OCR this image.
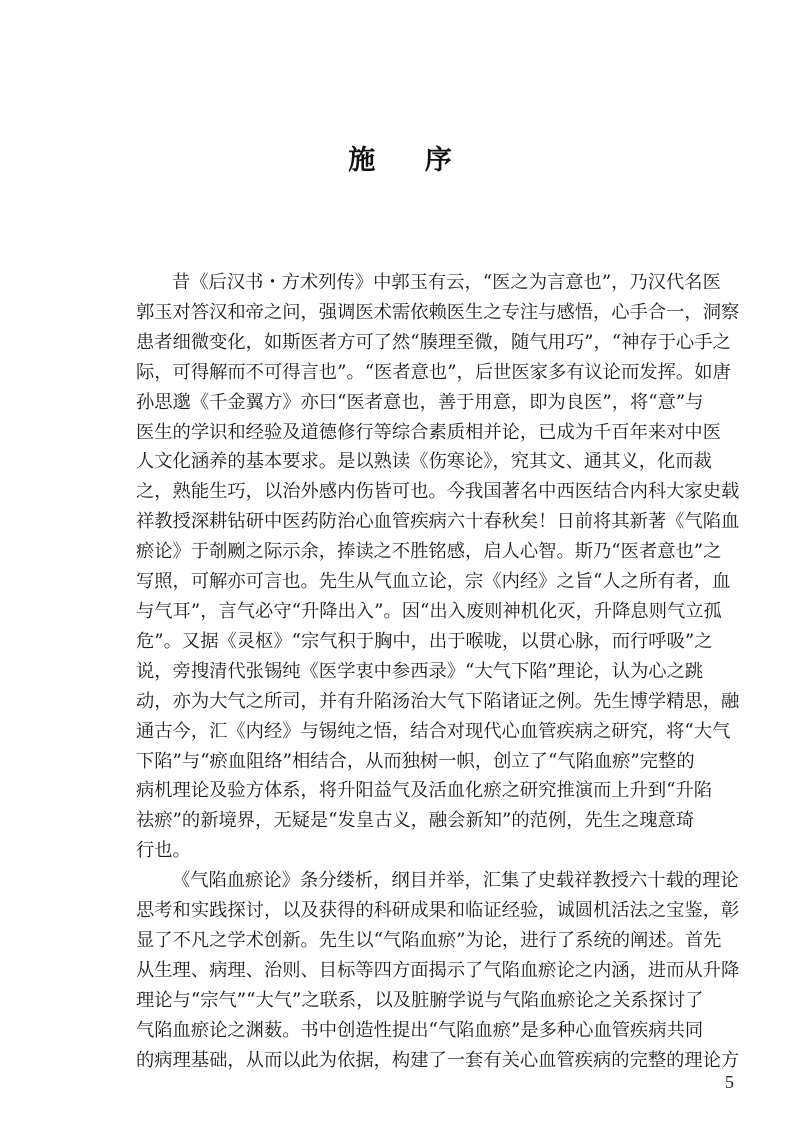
施 序

昔《后汉书・方术列传》中郭玉有云，“医之为言意也”，乃汉代名医
郭玉对答汉和帝之问，强调医术需依赖医生之专注与感悟，心手合一，洞察
患者细微变化，如斯医者方可了然“腠理至微，随气用巧”，“神存于心手之
际，可得解而不可得言也”。“医者意也”，后世医家多有议论而发挥。如唐
孙思邈《千金翼方》亦曰“医者意也，善于用意，即为良医”，将“意”与
医生的学识和经验及道德修行等综合素质相并论，已成为千百年来对中医
人文化涵养的基本要求。是以熟读《伤寒论》，究其文、通其义，化而裁
之，熟能生巧，以治外感内伤皆可也。今我国著名中西医结合内科大家史载
祥教授深耕钻研中医药防治心血管疾病六十春秋矣！日前将其新著《气陷血
瘀论》于剞劂之际示余，捧读之不胜铭感，启人心智。斯乃“医者意也”之
写照，可解亦可言也。先生从气血立论，宗《内经》之旨“人之所有者，血
与气耳”，言气必守“升降出入”。因“出入废则神机化灭，升降息则气立孤
危”。又据《灵枢》“宗气积于胸中，出于喉咙，以贯心脉，而行呼吸”之
说，旁搜清代张锡纯《医学衷中参西录》“大气下陷”理论，认为心之跳
动，亦为大气之所司，并有升陷汤治大气下陷诸证之例。先生博学精思，融
通古今，汇《内经》与锡纯之悟，结合对现代心血管疾病之研究，将“大气
下陷”与“瘀血阻络”相结合，从而独树一帜，创立了“气陷血瘀”完整的
病机理论及验方体系，将升阳益气及活血化瘀之研究推演而上升到“升陷
祛瘀”的新境界，无疑是“发皇古义，融会新知”的范例，先生之瑰意琦
行也。

《气陷血瘀论》条分缕析，纲目并举，汇集了史载祥教授六十载的理论
思考和实践探讨，以及获得的科研成果和临证经验，诚圆机活法之宝鉴，彰
显了不凡之学术创新。先生以“气陷血瘀”为论，进行了系统的阐述。首先
从生理、病理、治则、目标等四方面揭示了气陷血瘀论之内涵，进而从升降
理论与“宗气”“大气”之联系，以及脏腑学说与气陷血瘀论之关系探讨了
气陷血瘀论之渊薮。书中创造性提出“气陷血瘀”是多种心血管疾病共同
的病理基础，从而以此为依据，构建了一套有关心血管疾病的完整的理论方

5
